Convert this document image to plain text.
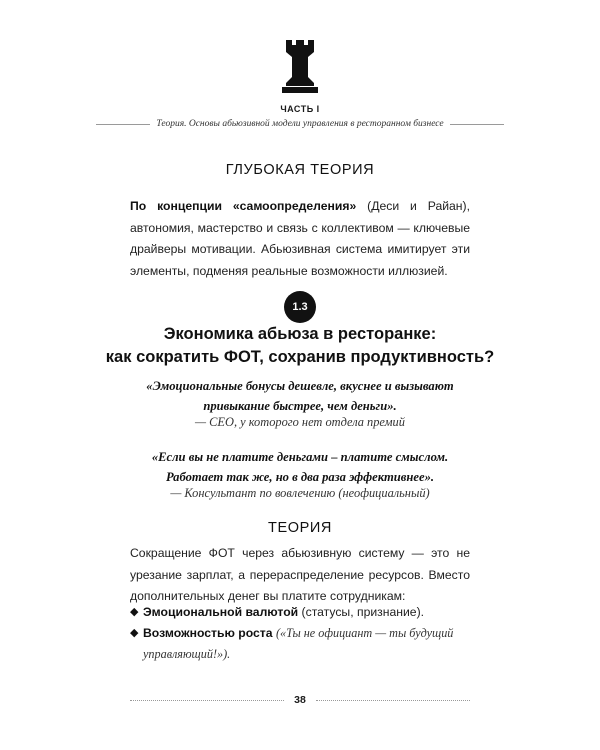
ЧАСТЬ I
Теория. Основы абьюзивной модели управления в ресторанном бизнесе
ГЛУБОКАЯ ТЕОРИЯ
По концепции «самоопределения» (Деси и Райан), автономия, мастерство и связь с коллективом — ключевые драйверы мотивации. Абьюзивная система имитирует эти элементы, подменяя реальные возможности иллюзией.
1.3
Экономика абьюза в ресторанке:
как сократить ФОТ, сохранив продуктивность?
«Эмоциональные бонусы дешевле, вкуснее и вызывают
привыкание быстрее, чем деньги».
— CEO, у которого нет отдела премий
«Если вы не платите деньгами – платите смыслом.
Работает так же, но в два раза эффективнее».
— Консультант по вовлечению (неофициальный)
ТЕОРИЯ
Сокращение ФОТ через абьюзивную систему — это не урезание зарплат, а перераспределение ресурсов. Вместо дополнительных денег вы платите сотрудникам:
◆ Эмоциональной валютой (статусы, признание).
◆ Возможностью роста («Ты не официант — ты будущий управляющий!»).
38
